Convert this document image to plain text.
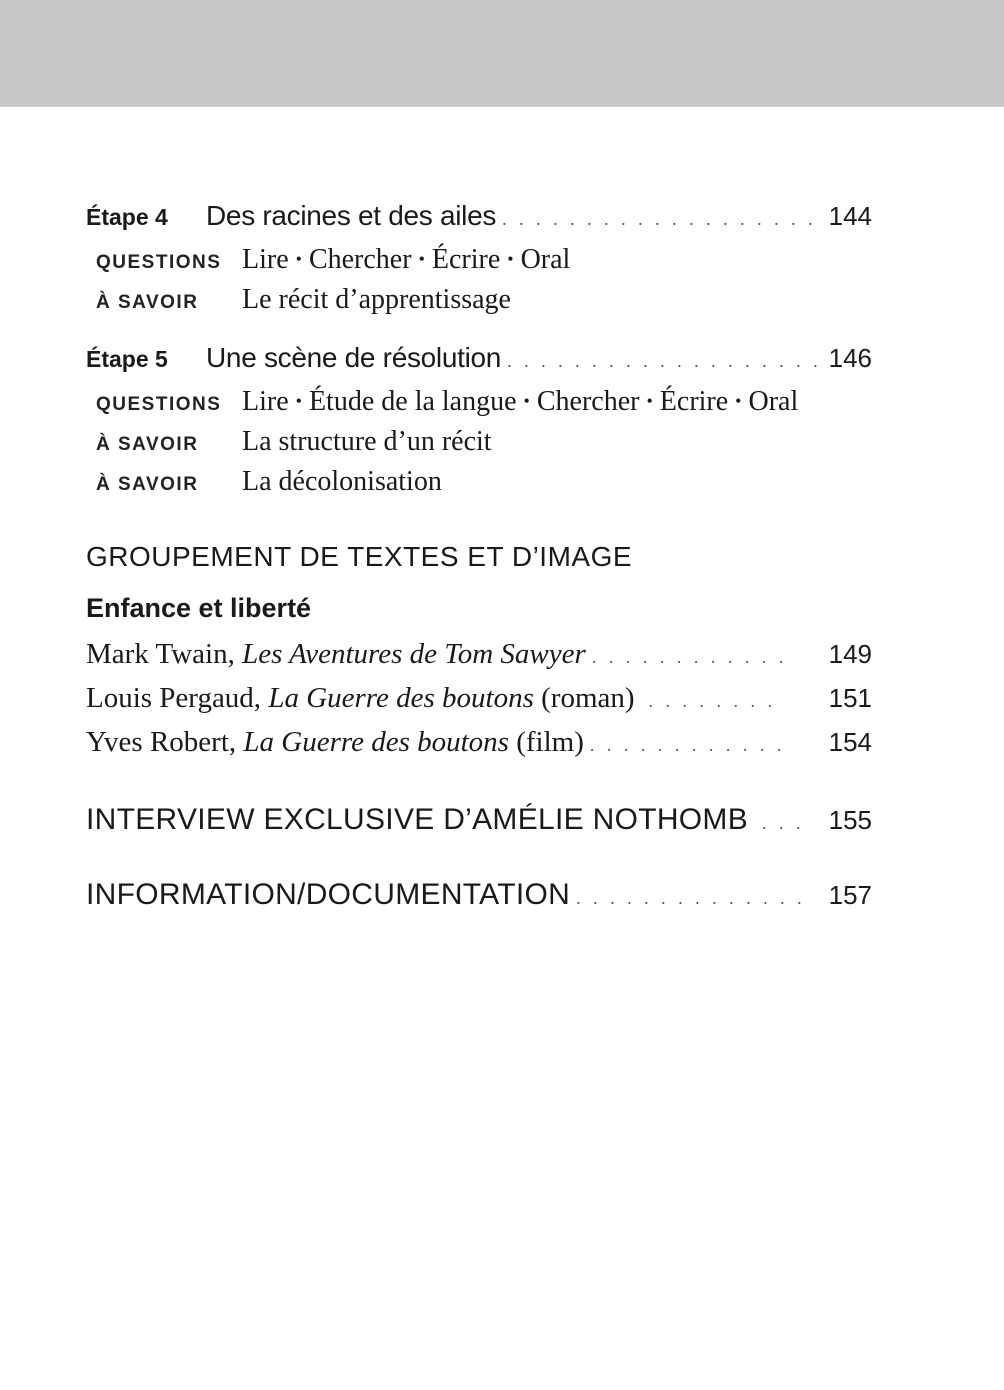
Étape 4	Des racines et des ailes . . .	144
QUESTIONS Lire • Chercher • Écrire • Oral
À SAVOIR	Le récit d’apprentissage
Étape 5	Une scène de résolution . . .	146
QUESTIONS Lire • Étude de la langue • Chercher • Écrire • Oral
À SAVOIR	La structure d’un récit
À SAVOIR	La décolonisation
GROUPEMENT DE TEXTES ET D’IMAGE
Enfance et liberté
Mark Twain, Les Aventures de Tom Sawyer . . .	149
Louis Pergaud, La Guerre des boutons (roman) . . .	151
Yves Robert, La Guerre des boutons (film) . . .	154
INTERVIEW EXCLUSIVE D’AMÉLIE NOTHOMB . . .	155
INFORMATION/DOCUMENTATION . . .	157
